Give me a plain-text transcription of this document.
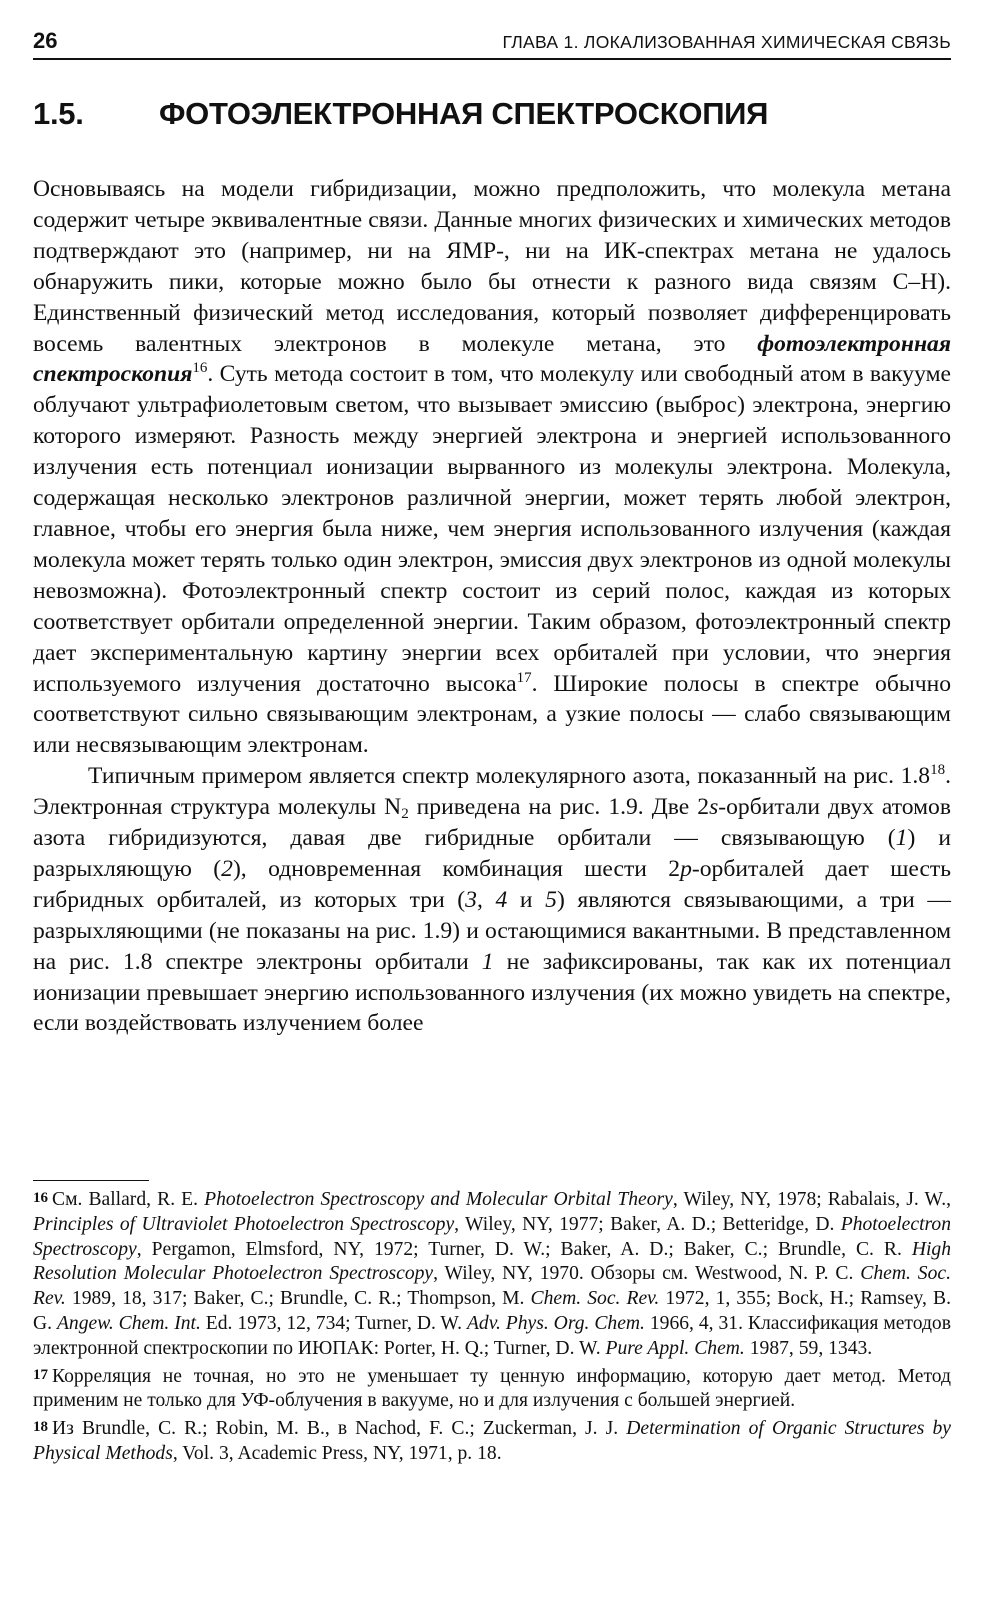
26	ГЛАВА 1. ЛОКАЛИЗОВАННАЯ ХИМИЧЕСКАЯ СВЯЗЬ
1.5. ФОТОЭЛЕКТРОННАЯ СПЕКТРОСКОПИЯ

Основываясь на модели гибридизации, можно предположить, что молекула метана содержит четыре эквивалентные связи. Данные многих физических и химических методов подтверждают это (например, ни на ЯМР-, ни на ИК-спектрах метана не удалось обнаружить пики, которые можно было бы отнести к разного вида связям С–Н). Единственный физический метод исследования, который позволяет дифференцировать восемь валентных электронов в молекуле метана, это фотоэлектронная спектроскопия$^{16}$. Суть метода состоит в том, что молекулу или свободный атом в вакууме облучают ультрафиолетовым светом, что вызывает эмиссию (выброс) электрона, энергию которого измеряют. Разность между энергией электрона и энергией использованного излучения есть потенциал ионизации вырванного из молекулы электрона. Молекула, содержащая несколько электронов различной энергии, может терять любой электрон, главное, чтобы его энергия была ниже, чем энергия использованного излучения (каждая молекула может терять только один электрон, эмиссия двух электронов из одной молекулы невозможна). Фотоэлектронный спектр состоит из серий полос, каждая из которых соответствует орбитали определенной энергии. Таким образом, фотоэлектронный спектр дает экспериментальную картину энергии всех орбиталей при условии, что энергия используемого излучения достаточно высока$^{17}$. Широкие полосы в спектре обычно соответствуют сильно связывающим электронам, а узкие полосы — слабо связывающим или несвязывающим электронам.

Типичным примером является спектр молекулярного азота, показанный на рис. $1.8^{18}$. Электронная структура молекулы $N_2$ приведена на рис. 1.9. Две 2s-орбитали двух атомов азота гибридизуются, давая две гибридные орбитали — связывающую (1) и разрыхляющую (2), одновременная комбинация шести 2p-орбиталей дает шесть гибридных орбиталей, из которых три (3, 4 и 5) являются связывающими, а три — разрыхляющими (не показаны на рис. 1.9) и остающимися вакантными. В представленном на рис. 1.8 спектре электроны орбитали 1 не зафиксированы, так как их потенциал ионизации превышает энергию использованного излучения (их можно увидеть на спектре, если воздействовать излучением более

16 См. Ballard, R. E. Photoelectron Spectroscopy and Molecular Orbital Theory, Wiley, NY, 1978; Rabalais, J. W., Principles of Ultraviolet Photoelectron Spectroscopy, Wiley, NY, 1977; Baker, A. D.; Betteridge, D. Photoelectron Spectroscopy, Pergamon, Elmsford, NY, 1972; Turner, D. W.; Baker, A. D.; Baker, C.; Brundle, C. R. High Resolution Molecular Photoelectron Spectroscopy, Wiley, NY, 1970. Обзоры см. Westwood, N. P. C. Chem. Soc. Rev. 1989, 18, 317; Baker, C.; Brundle, C. R.; Thompson, M. Chem. Soc. Rev. 1972, 1, 355; Bock, H.; Ramsey, B. G. Angew. Chem. Int. Ed. 1973, 12, 734; Turner, D. W. Adv. Phys. Org. Chem. 1966, 4, 31. Классификация методов электронной спектроскопии по ИЮПАК: Porter, H. Q.; Turner, D. W. Pure Appl. Chem. 1987, 59, 1343.

17 Корреляция не точная, но это не уменьшает ту ценную информацию, которую дает метод. Метод применим не только для УФ-облучения в вакууме, но и для излучения с большей энергией.

18 Из Brundle, C. R.; Robin, M. B., в Nachod, F. C.; Zuckerman, J. J. Determination of Organic Structures by Physical Methods, Vol. 3, Academic Press, NY, 1971, p. 18.
